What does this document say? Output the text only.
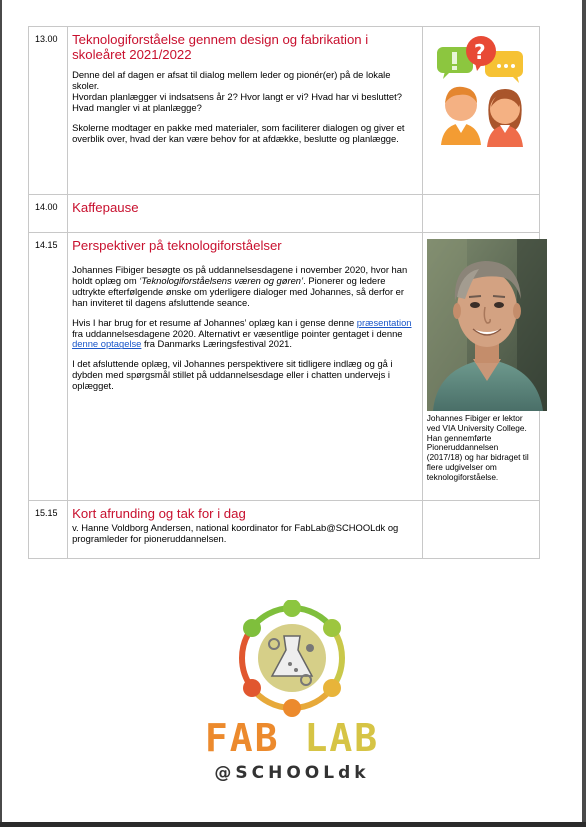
13.00	Teknologiforståelse gennem design og fabrikation i skoleåret 2021/2022

Denne del af dagen er afsat til dialog mellem leder og pionér(er) på de lokale skoler.
Hvordan planlægger vi indsatsens år 2? Hvor langt er vi? Hvad har vi besluttet? Hvad mangler vi at planlægge?

Skolerne modtager en pakke med materialer, som faciliterer dialogen og giver et overblik over, hvad der kan være behov for at afdække, beslutte og planlægge.	?

14.00	Kaffepause	

14.15	Perspektiver på teknologiforståelser

Johannes Fibiger besøgte os på uddannelsesdagene i november 2020, hvor han holdt oplæg om ‘Teknologiforståelsens væren og gøren’. Pionerer og ledere udtrykte efterfølgende ønske om yderligere dialoger med Johannes, så derfor er han inviteret til dagens afsluttende seance.

Hvis I har brug for et resume af Johannes’ oplæg kan i gense denne præsentation fra uddannelsesdagene 2020. Alternativt er væsentlige pointer gentaget i denne denne optagelse fra Danmarks Læringsfestival 2021.

I det afsluttende oplæg, vil Johannes perspektivere sit tidligere indlæg og gå i dybden med spørgsmål stillet på uddannelsesdage eller i chatten undervejs i oplægget.	Johannes Fibiger er lektor ved VIA University College. Han gennemførte Pioneruddannelsen (2017/18) og har bidraget til flere udgivelser om teknologiforståelse.

15.15	Kort afrunding og tak for i dag
v. Hanne Voldborg Andersen, national koordinator for FabLab@SCHOOLdk og programleder for pioneruddannelsen.	

FAB LAB
@SCHOOLdk
